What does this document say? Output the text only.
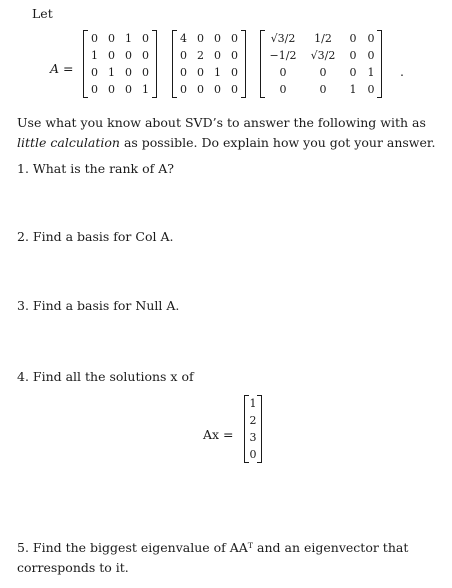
Let
A =
0 0 1 0
1 0 0 0
0 1 0 0
0 0 0 1
4 0 0 0
0 2 0 0
0 0 1 0
0 0 0 0
√3/2	1/2	0	0
−1/2	√3/2	0	0
0	0	0	1
0	0	1	0
.
Use what you know about SVD’s to answer the following with as little calculation as possible. Do explain how you got your answer.
1. What is the rank of A?
2. Find a basis for Col A.
3. Find a basis for Null A.
4. Find all the solutions x of
Ax =
1
2
3
0
5. Find the biggest eigenvalue of AAᵀ and an eigenvector that corresponds to it.
